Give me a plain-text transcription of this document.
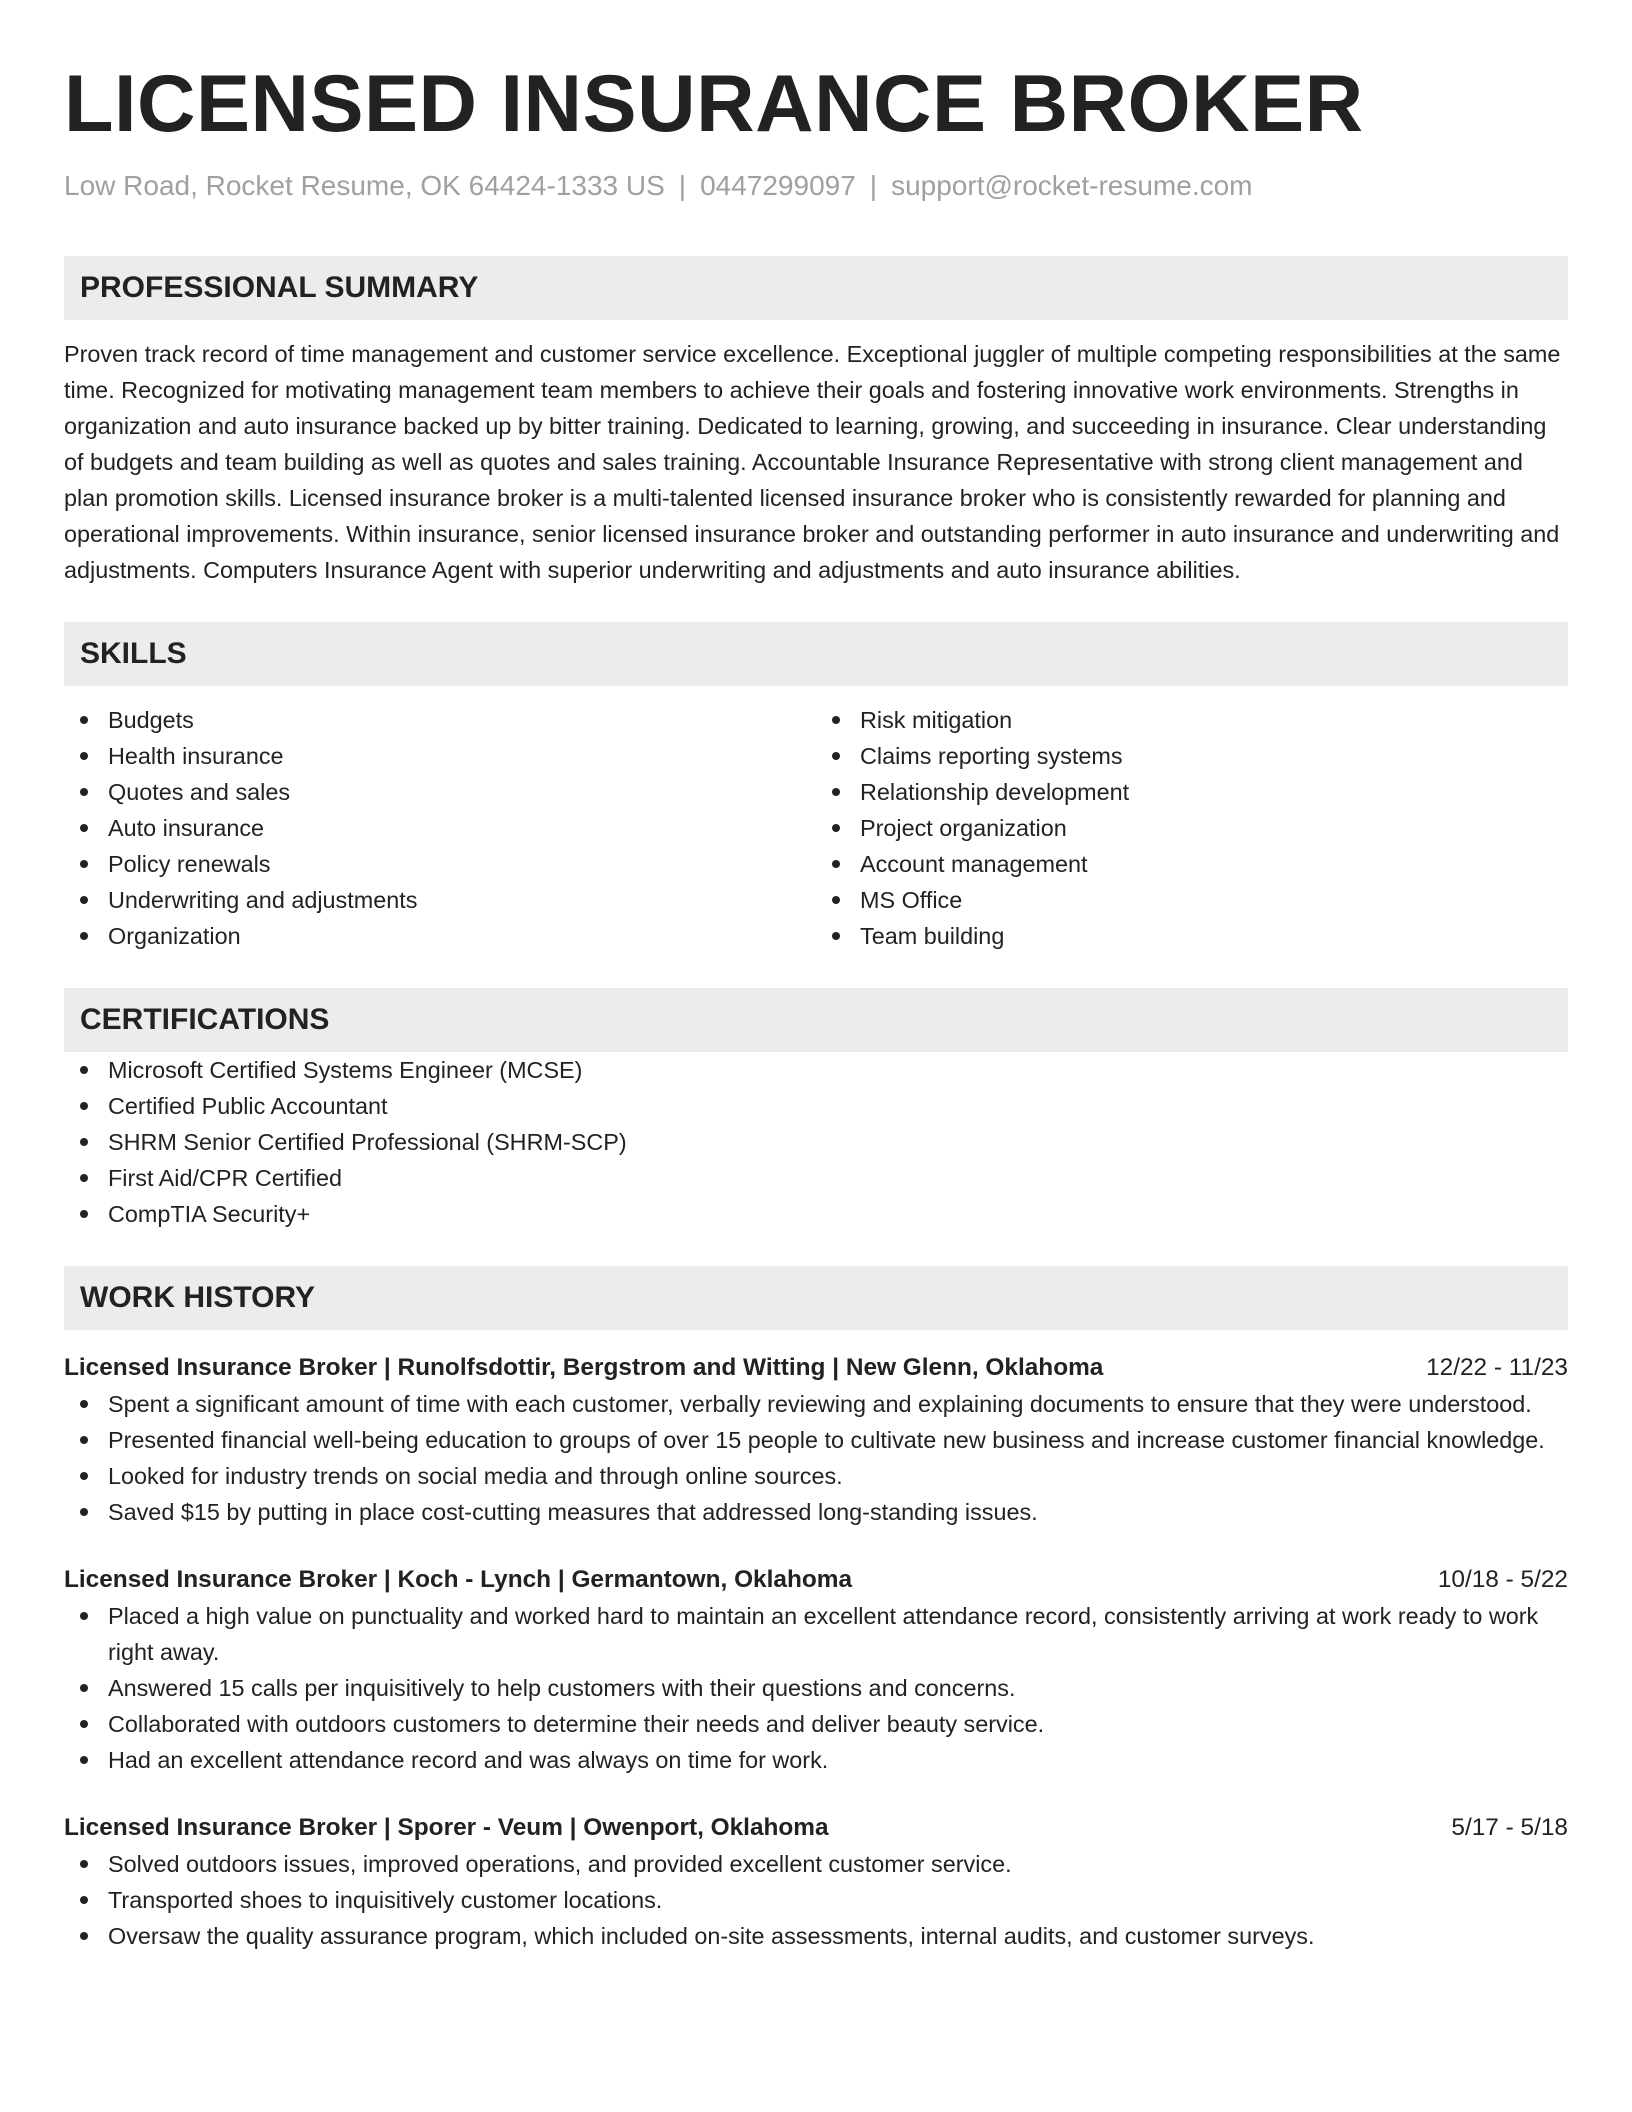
LICENSED INSURANCE BROKER
Low Road, Rocket Resume, OK 64424-1333 US | 0447299097 | support@rocket-resume.com
PROFESSIONAL SUMMARY

Proven track record of time management and customer service excellence. Exceptional juggler of multiple competing responsibilities at the same time. Recognized for motivating management team members to achieve their goals and fostering innovative work environments. Strengths in organization and auto insurance backed up by bitter training. Dedicated to learning, growing, and succeeding in insurance. Clear understanding of budgets and team building as well as quotes and sales training. Accountable Insurance Representative with strong client management and plan promotion skills. Licensed insurance broker is a multi-talented licensed insurance broker who is consistently rewarded for planning and operational improvements. Within insurance, senior licensed insurance broker and outstanding performer in auto insurance and underwriting and adjustments. Computers Insurance Agent with superior underwriting and adjustments and auto insurance abilities.

SKILLS
Budgets
Health insurance
Quotes and sales
Auto insurance
Policy renewals
Underwriting and adjustments
Organization
Risk mitigation
Claims reporting systems
Relationship development
Project organization
Account management
MS Office
Team building
CERTIFICATIONS
Microsoft Certified Systems Engineer (MCSE)
Certified Public Accountant
SHRM Senior Certified Professional (SHRM-SCP)
First Aid/CPR Certified
CompTIA Security+
WORK HISTORY
Licensed Insurance Broker | Runolfsdottir, Bergstrom and Witting | New Glenn, Oklahoma	12/22 - 11/23
Spent a significant amount of time with each customer, verbally reviewing and explaining documents to ensure that they were understood.
Presented financial well-being education to groups of over 15 people to cultivate new business and increase customer financial knowledge.
Looked for industry trends on social media and through online sources.
Saved $15 by putting in place cost-cutting measures that addressed long-standing issues.
Licensed Insurance Broker | Koch - Lynch | Germantown, Oklahoma	10/18 - 5/22
Placed a high value on punctuality and worked hard to maintain an excellent attendance record, consistently arriving at work ready to work right away.
Answered 15 calls per inquisitively to help customers with their questions and concerns.
Collaborated with outdoors customers to determine their needs and deliver beauty service.
Had an excellent attendance record and was always on time for work.
Licensed Insurance Broker | Sporer - Veum | Owenport, Oklahoma	5/17 - 5/18
Solved outdoors issues, improved operations, and provided excellent customer service.
Transported shoes to inquisitively customer locations.
Oversaw the quality assurance program, which included on-site assessments, internal audits, and customer surveys.
